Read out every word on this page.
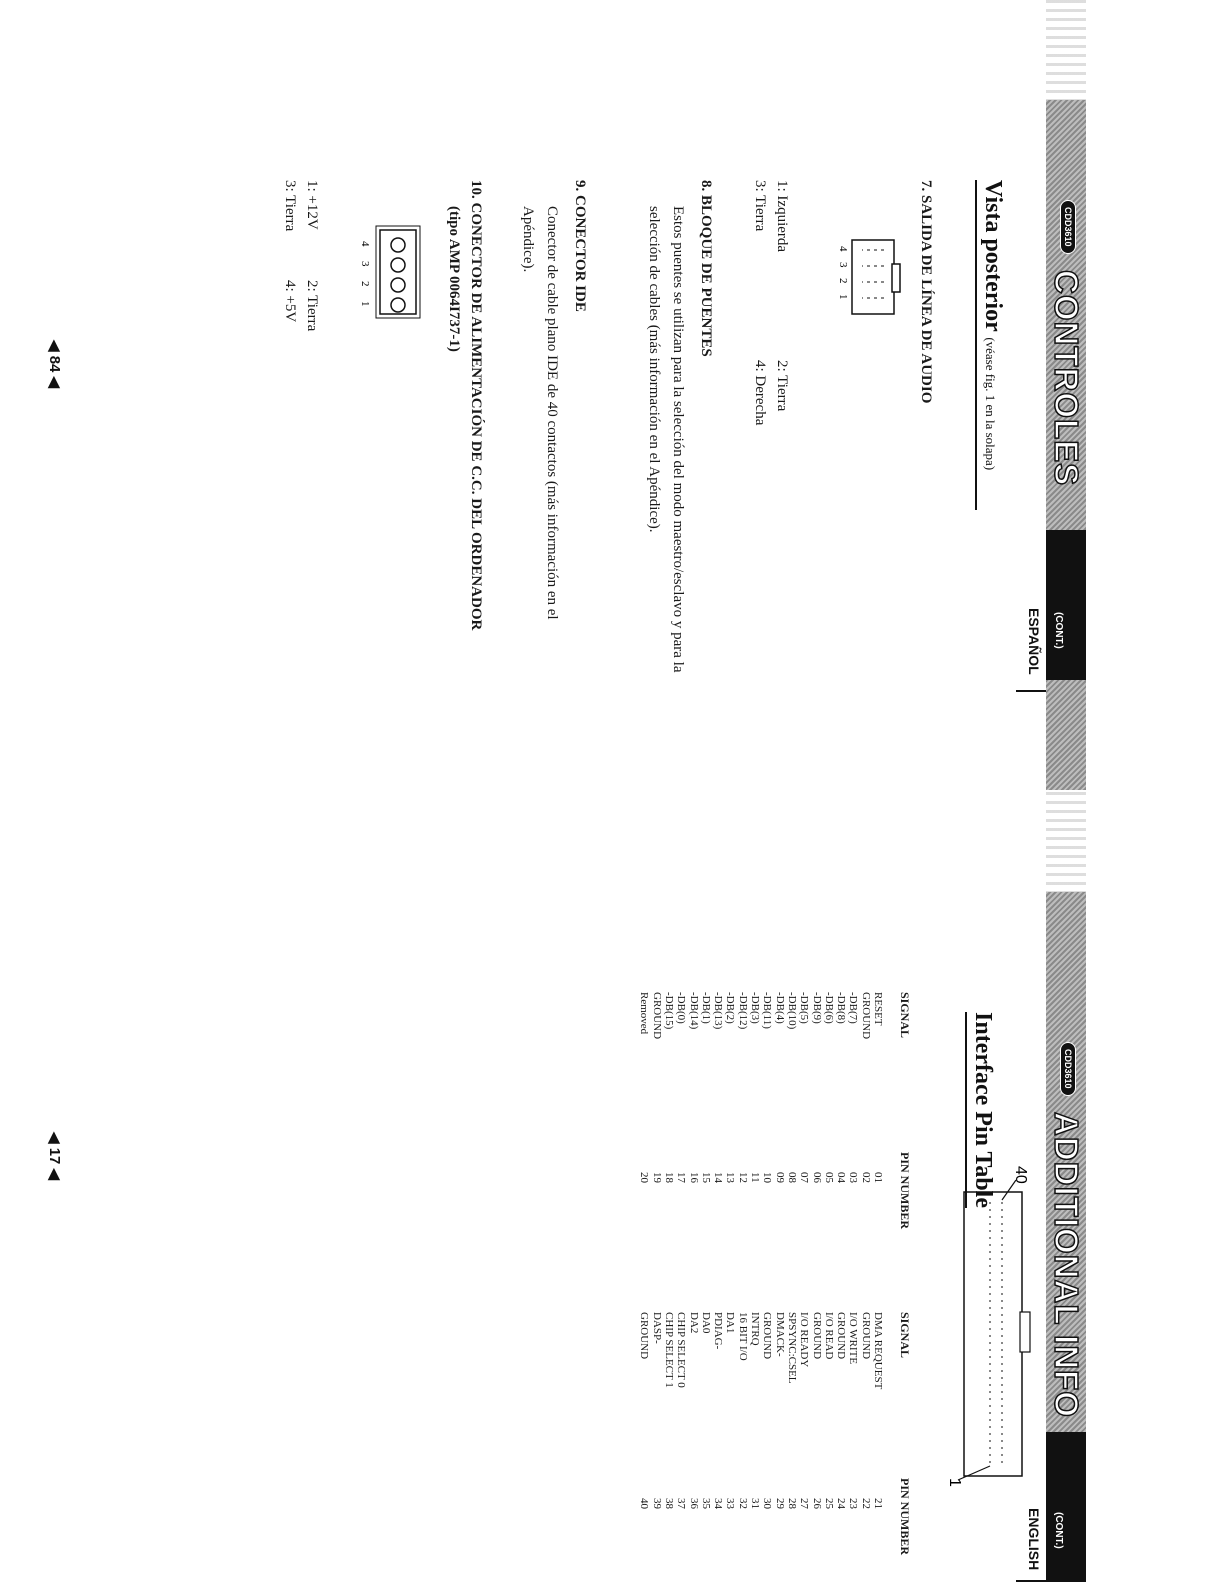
CDD3610
CONTROLES
(CONT.)
ESPAÑOL
Vista posterior (véase fig. 1 en la solapa)
7. SALIDA DE LÍNEA DE AUDIO
4
3
2
1
1: Izquierda
2: Tierra
3: Tierra
4: Derecha
8. BLOQUE DE PUENTES
Estos puentes se utilizan para la selección del modo maestro/esclavo y para la selección de cables (más información en el Apéndice).
9. CONECTOR IDE
Conector de cable plano IDE de 40 contactos (más información en el Apéndice).
10. CONECTOR DE ALIMENTACIÓN DE C.C. DEL ORDENADOR
(tipo AMP 0064I737-1)
4
3
2
1
1: +12V
2: Tierra
3: Tierra
4: +5V
◀ 84 ◀
CDD3610
ADDITIONAL INFO
(CONT.)
ENGLISH
Interface Pin Table 40
1
SIGNAL
PIN NUMBER
SIGNAL
PIN NUMBER
RESET
GROUND
-DB(7)
-DB(8)
-DB(6)
-DB(9)
-DB(5)
-DB(10)
-DB(4)
-DB(11)
-DB(3)
-DB(12)
-DB(2)
-DB(13)
-DB(1)
-DB(14)
-DB(0)
-DB(15)
GROUND
Removed
01
02
03
04
05
06
07
08
09
10
11
12
13
14
15
16
17
18
19
20
DMA REQUEST
GROUND
I/O WRITE
GROUND
I/O READ
GROUND
I/O READY
SPSYNC:CSEL
DMACK-
GROUND
INTRQ
16 BIT I/O
DA1
PDIAG-
DA0
DA2
CHIP SELECT 0
CHIP SELECT 1
DASP-
GROUND
21
22
23
24
25
26
27
28
29
30
31
32
33
34
35
36
37
38
39
40
◀ 17 ◀
